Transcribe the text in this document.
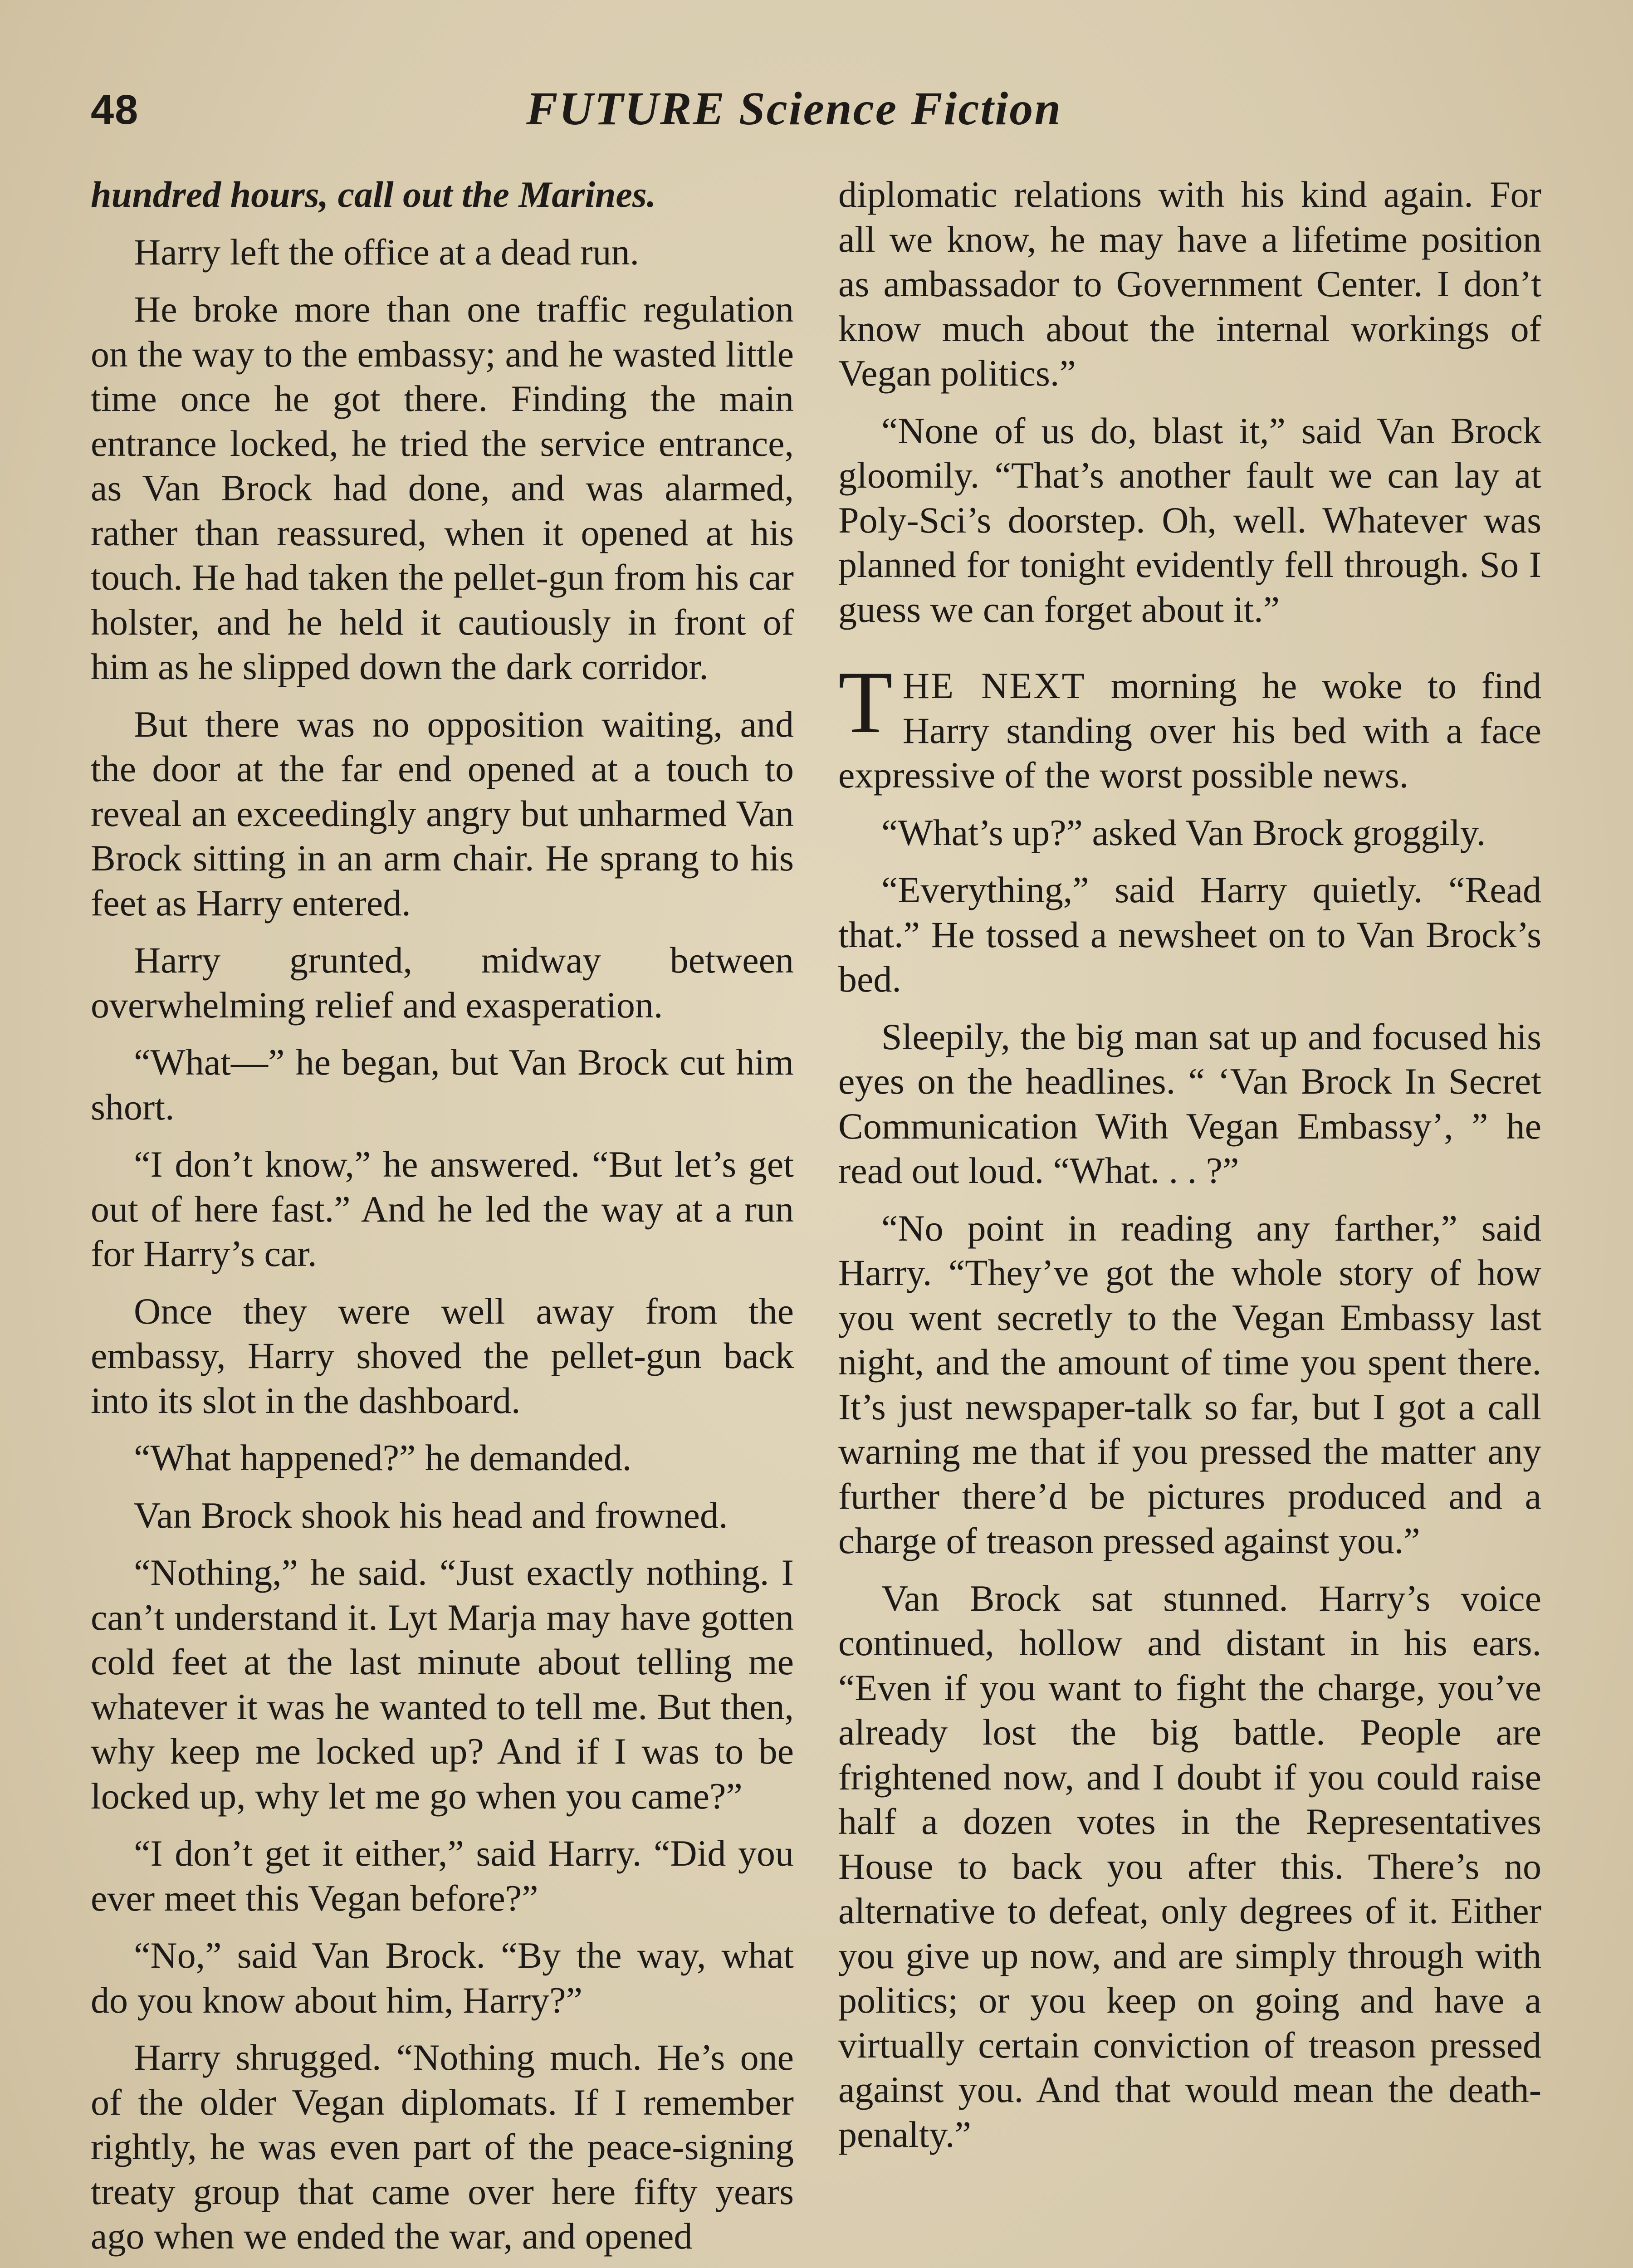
48	FUTURE Science Fiction

hundred hours, call out the Marines.

Harry left the office at a dead run.

He broke more than one traffic regulation on the way to the embassy; and he wasted little time once he got there. Finding the main entrance locked, he tried the service entrance, as Van Brock had done, and was alarmed, rather than reassured, when it opened at his touch. He had taken the pellet-gun from his car holster, and he held it cautiously in front of him as he slipped down the dark corridor.

But there was no opposition waiting, and the door at the far end opened at a touch to reveal an exceedingly angry but unharmed Van Brock sitting in an arm chair. He sprang to his feet as Harry entered.

Harry grunted, midway between overwhelming relief and exasperation.

“What—” he began, but Van Brock cut him short.

“I don’t know,” he answered. “But let’s get out of here fast.” And he led the way at a run for Harry’s car.

Once they were well away from the embassy, Harry shoved the pellet-gun back into its slot in the dashboard.

“What happened?” he demanded.

Van Brock shook his head and frowned.

“Nothing,” he said. “Just exactly nothing. I can’t understand it. Lyt Marja may have gotten cold feet at the last minute about telling me whatever it was he wanted to tell me. But then, why keep me locked up? And if I was to be locked up, why let me go when you came?”

“I don’t get it either,” said Harry. “Did you ever meet this Vegan before?”

“No,” said Van Brock. “By the way, what do you know about him, Harry?”

Harry shrugged. “Nothing much. He’s one of the older Vegan diplomats. If I remember rightly, he was even part of the peace-signing treaty group that came over here fifty years ago when we ended the war, and opened

diplomatic relations with his kind again. For all we know, he may have a lifetime position as ambassador to Government Center. I don’t know much about the internal workings of Vegan politics.”

“None of us do, blast it,” said Van Brock gloomily. “That’s another fault we can lay at Poly-Sci’s doorstep. Oh, well. Whatever was planned for tonight evidently fell through. So I guess we can forget about it.”

THE NEXT morning he woke to find Harry standing over his bed with a face expressive of the worst possible news.

“What’s up?” asked Van Brock groggily.

“Everything,” said Harry quietly. “Read that.” He tossed a newsheet on to Van Brock’s bed.

Sleepily, the big man sat up and focused his eyes on the headlines. “ ‘Van Brock In Secret Communication With Vegan Embassy’, ” he read out loud. “What. . . ?”

“No point in reading any farther,” said Harry. “They’ve got the whole story of how you went secretly to the Vegan Embassy last night, and the amount of time you spent there. It’s just newspaper-talk so far, but I got a call warning me that if you pressed the matter any further there’d be pictures produced and a charge of treason pressed against you.”

Van Brock sat stunned. Harry’s voice continued, hollow and distant in his ears. “Even if you want to fight the charge, you’ve already lost the big battle. People are frightened now, and I doubt if you could raise half a dozen votes in the Representatives House to back you after this. There’s no alternative to defeat, only degrees of it. Either you give up now, and are simply through with politics; or you keep on going and have a virtually certain conviction of treason pressed against you. And that would mean the deathpenalty.”
